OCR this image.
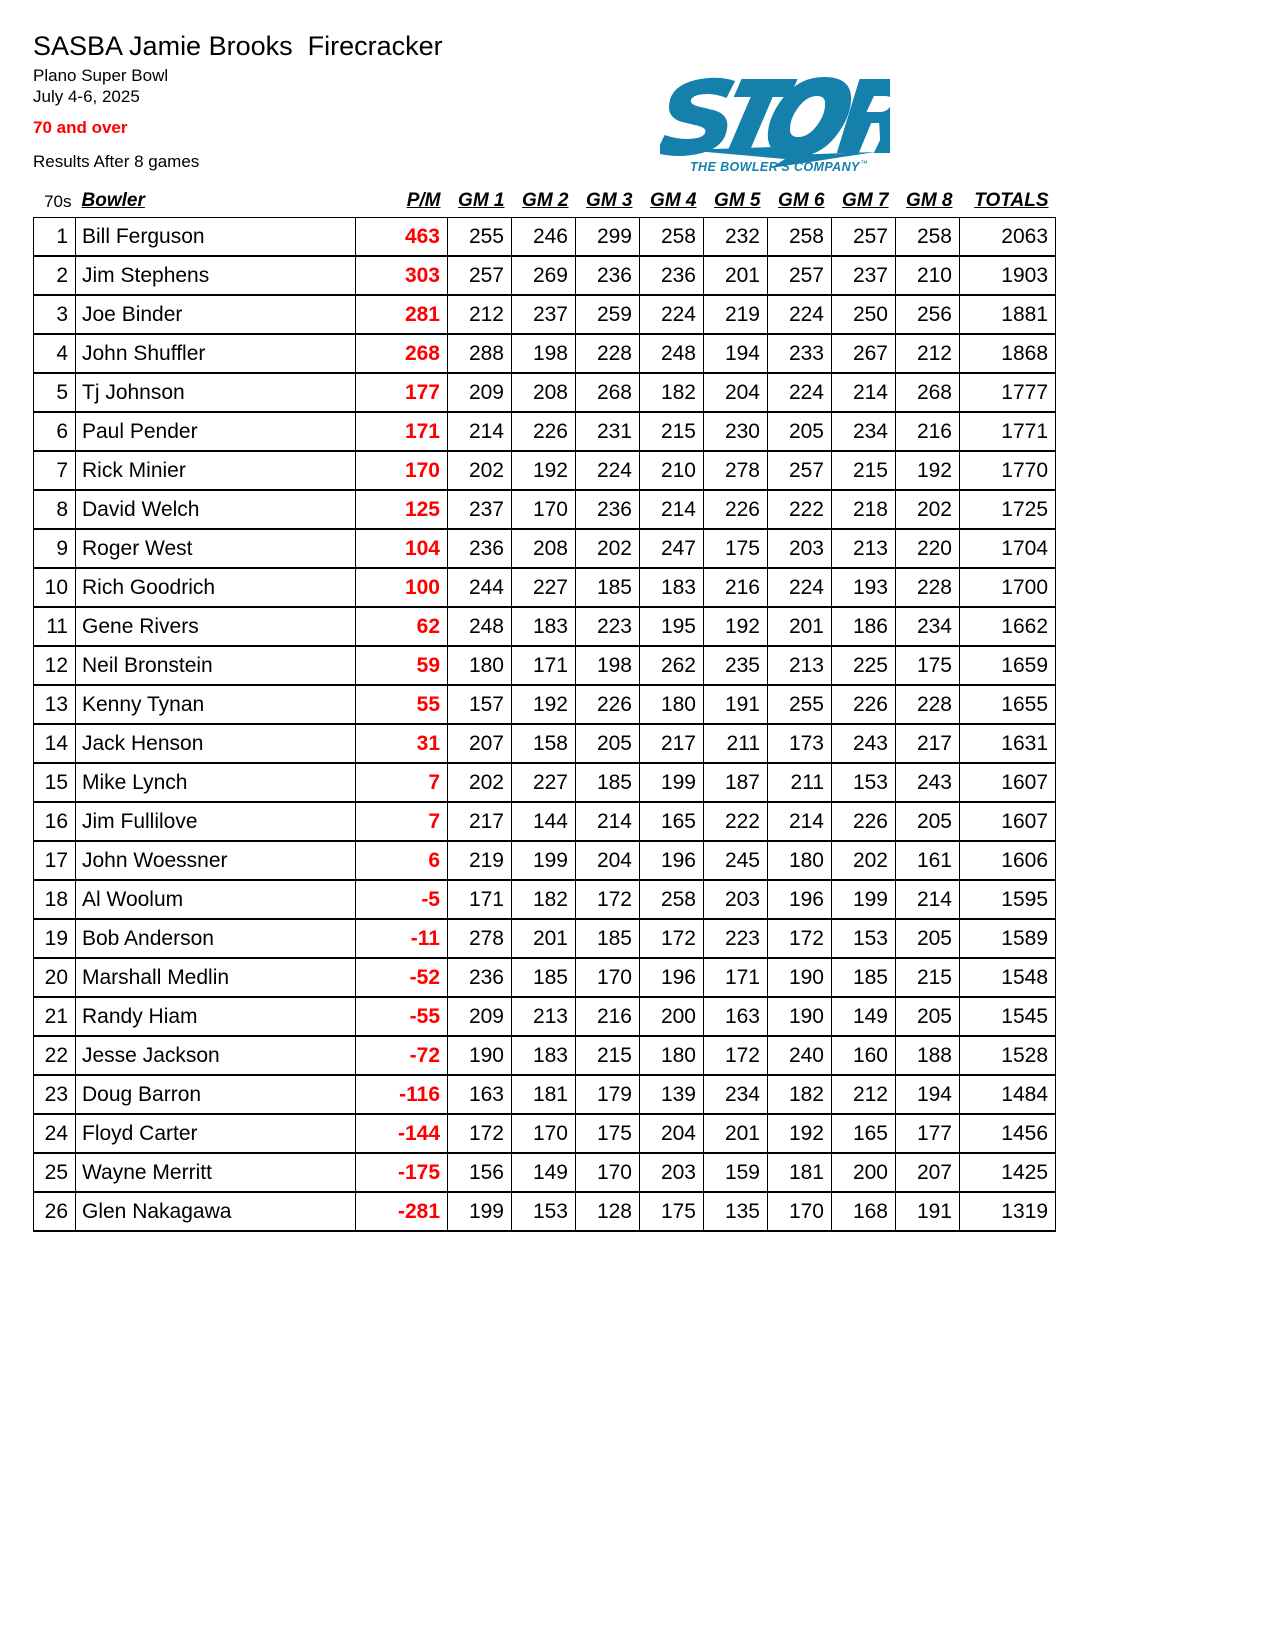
SASBA Jamie Brooks  Firecracker
Plano Super Bowl
July 4-6, 2025
70 and over
Results After 8 games
®
THE BOWLER'S COMPANY ™
70s	Bowler	P/M	GM 1	GM 2	GM 3	GM 4	GM 5	GM 6	GM 7	GM 8	TOTALS
1	Bill Ferguson	463	255	246	299	258	232	258	257	258	2063
2	Jim Stephens	303	257	269	236	236	201	257	237	210	1903
3	Joe Binder	281	212	237	259	224	219	224	250	256	1881
4	John Shuffler	268	288	198	228	248	194	233	267	212	1868
5	Tj Johnson	177	209	208	268	182	204	224	214	268	1777
6	Paul Pender	171	214	226	231	215	230	205	234	216	1771
7	Rick Minier	170	202	192	224	210	278	257	215	192	1770
8	David Welch	125	237	170	236	214	226	222	218	202	1725
9	Roger West	104	236	208	202	247	175	203	213	220	1704
10	Rich Goodrich	100	244	227	185	183	216	224	193	228	1700
11	Gene Rivers	62	248	183	223	195	192	201	186	234	1662
12	Neil Bronstein	59	180	171	198	262	235	213	225	175	1659
13	Kenny Tynan	55	157	192	226	180	191	255	226	228	1655
14	Jack Henson	31	207	158	205	217	211	173	243	217	1631
15	Mike Lynch	7	202	227	185	199	187	211	153	243	1607
16	Jim Fullilove	7	217	144	214	165	222	214	226	205	1607
17	John Woessner	6	219	199	204	196	245	180	202	161	1606
18	Al Woolum	-5	171	182	172	258	203	196	199	214	1595
19	Bob Anderson	-11	278	201	185	172	223	172	153	205	1589
20	Marshall Medlin	-52	236	185	170	196	171	190	185	215	1548
21	Randy Hiam	-55	209	213	216	200	163	190	149	205	1545
22	Jesse Jackson	-72	190	183	215	180	172	240	160	188	1528
23	Doug Barron	-116	163	181	179	139	234	182	212	194	1484
24	Floyd Carter	-144	172	170	175	204	201	192	165	177	1456
25	Wayne Merritt	-175	156	149	170	203	159	181	200	207	1425
26	Glen Nakagawa	-281	199	153	128	175	135	170	168	191	1319
